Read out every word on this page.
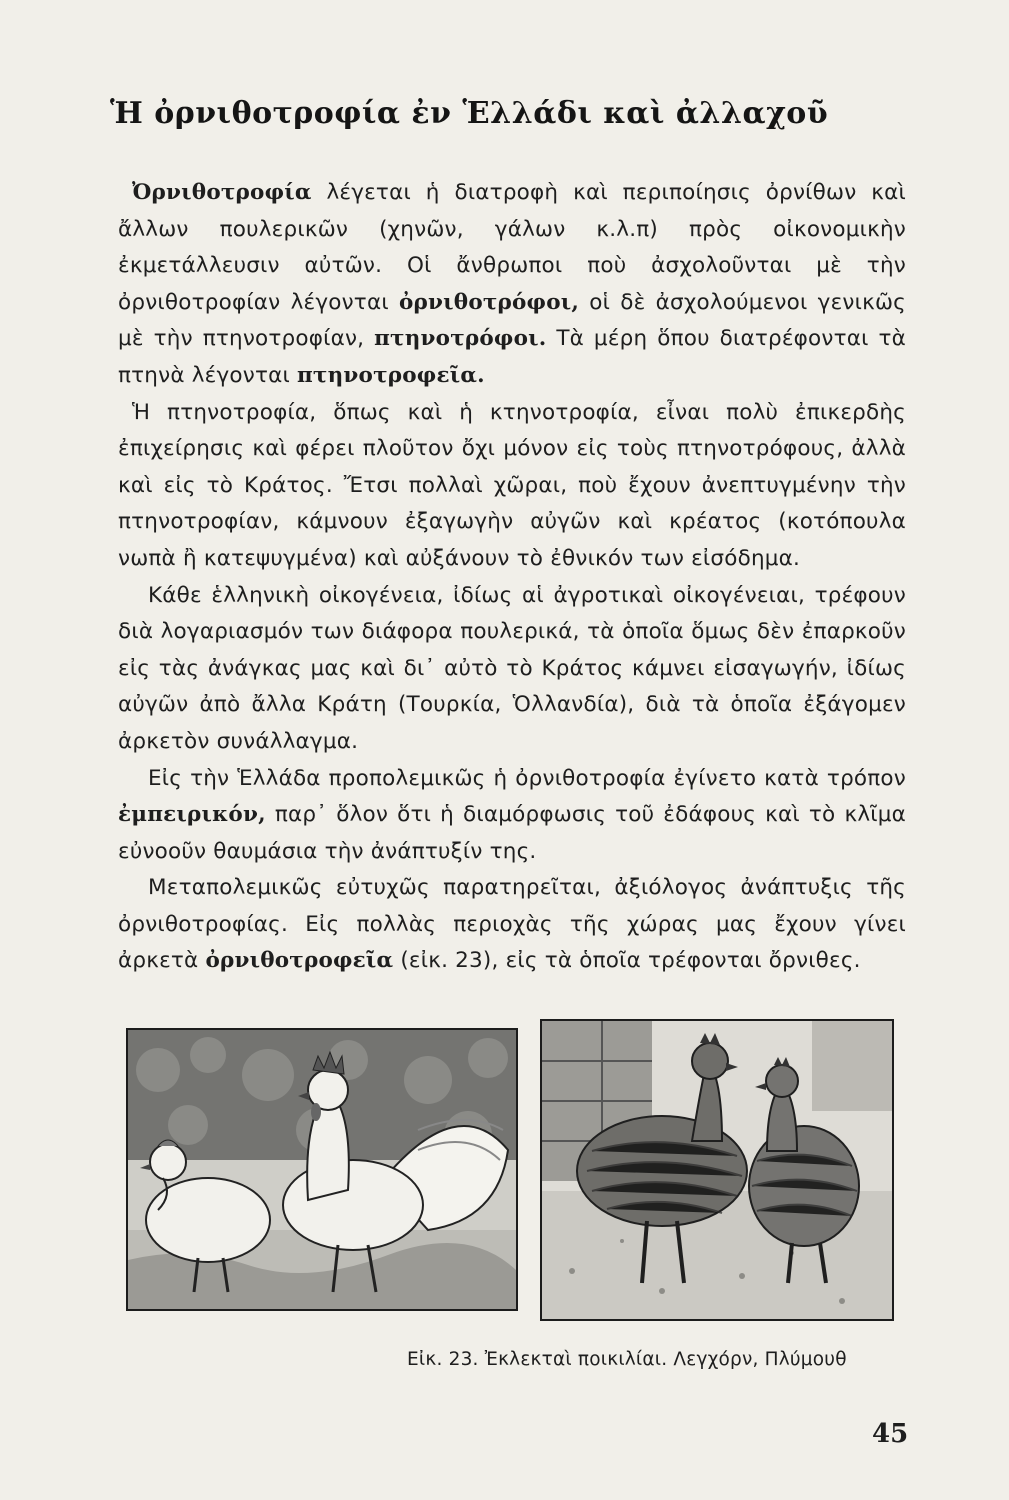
Ἡ ὀρνιθοτροφία ἐν Ἑλλάδι καὶ ἀλλαχοῦ

Ὀρνιθοτροφία λέγεται ἡ διατροφὴ καὶ περιποίησις ὀρνίθων καὶ ἄλλων πουλερικῶν (χηνῶν, γάλων κ.λ.π) πρὸς οἰκονομικὴν ἐκμετάλλευσιν αὐτῶν. Οἱ ἄνθρωποι ποὺ ἀσχολοῦνται μὲ τὴν ὀρνιθοτροφίαν λέγονται ὀρνιθοτρόφοι, οἱ δὲ ἀσχολούμενοι γενικῶς μὲ τὴν πτηνοτροφίαν, πτηνοτρόφοι. Τὰ μέρη ὅπου διατρέφονται τὰ πτηνὰ λέγονται πτηνοτροφεῖα.

Ἡ πτηνοτροφία, ὅπως καὶ ἡ κτηνοτροφία, εἶναι πολὺ ἐπικερδὴς ἐπιχείρησις καὶ φέρει πλοῦτον ὄχι μόνον εἰς τοὺς πτηνοτρόφους, ἀλλὰ καὶ εἰς τὸ Κράτος. Ἔτσι πολλαὶ χῶραι, ποὺ ἔχουν ἀνεπτυγμένην τὴν πτηνοτροφίαν, κάμνουν ἐξαγωγὴν αὐγῶν καὶ κρέατος (κοτόπουλα νωπὰ ἢ κατεψυγμένα) καὶ αὐξάνουν τὸ ἐθνικόν των εἰσόδημα.

Κάθε ἑλληνικὴ οἰκογένεια, ἰδίως αἱ ἀγροτικαὶ οἰκογένειαι, τρέφουν διὰ λογαριασμόν των διάφορα πουλερικά, τὰ ὁποῖα ὅμως δὲν ἐπαρκοῦν εἰς τὰς ἀνάγκας μας καὶ δι᾽ αὐτὸ τὸ Κράτος κάμνει εἰσαγωγήν, ἰδίως αὐγῶν ἀπὸ ἄλλα Κράτη (Τουρκία, Ὁλλανδία), διὰ τὰ ὁποῖα ἐξάγομεν ἀρκετὸν συνάλλαγμα.

Εἰς τὴν Ἑλλάδα προπολεμικῶς ἡ ὀρνιθοτροφία ἐγίνετο κατὰ τρόπον ἐμπειρικόν, παρ᾽ ὅλον ὅτι ἡ διαμόρφωσις τοῦ ἐδάφους καὶ τὸ κλῖμα εὐνοοῦν θαυμάσια τὴν ἀνάπτυξίν της.

Μεταπολεμικῶς εὐτυχῶς παρατηρεῖται, ἀξιόλογος ἀνάπτυξις τῆς ὀρνιθοτροφίας. Εἰς πολλὰς περιοχὰς τῆς χώρας μας ἔχουν γίνει ἀρκετὰ ὀρνιθοτροφεῖα (εἰκ. 23), εἰς τὰ ὁποῖα τρέφονται ὄρνιθες.

Εἰκ. 23. Ἐκλεκταὶ ποικιλίαι. Λεγχόρν, Πλύμουθ
45
